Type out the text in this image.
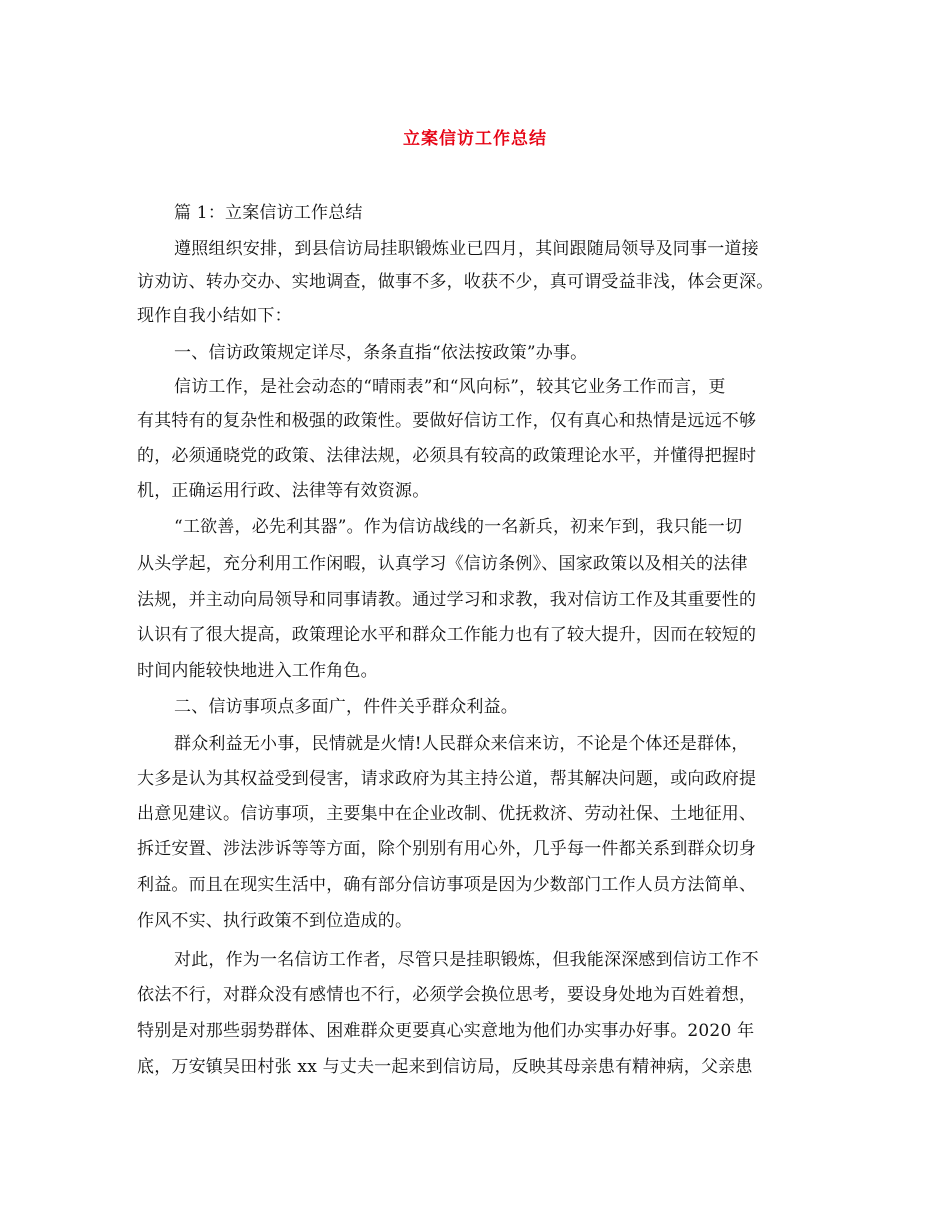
立案信访工作总结
篇 1：立案信访工作总结
遵照组织安排，到县信访局挂职锻炼业已四月，其间跟随局领导及同事一道接
访劝访、转办交办、实地调查，做事不多，收获不少，真可谓受益非浅，体会更深。
现作自我小结如下：
一、信访政策规定详尽，条条直指“依法按政策”办事。
信访工作，是社会动态的“晴雨表”和“风向标”，较其它业务工作而言，更
有其特有的复杂性和极强的政策性。要做好信访工作，仅有真心和热情是远远不够
的，必须通晓党的政策、法律法规，必须具有较高的政策理论水平，并懂得把握时
机，正确运用行政、法律等有效资源。
“工欲善，必先利其器”。作为信访战线的一名新兵，初来乍到，我只能一切
从头学起，充分利用工作闲暇，认真学习《信访条例》、国家政策以及相关的法律
法规，并主动向局领导和同事请教。通过学习和求教，我对信访工作及其重要性的
认识有了很大提高，政策理论水平和群众工作能力也有了较大提升，因而在较短的
时间内能较快地进入工作角色。
二、信访事项点多面广，件件关乎群众利益。
群众利益无小事，民情就是火情!人民群众来信来访，不论是个体还是群体，
大多是认为其权益受到侵害，请求政府为其主持公道，帮其解决问题，或向政府提
出意见建议。信访事项，主要集中在企业改制、优抚救济、劳动社保、土地征用、
拆迁安置、涉法涉诉等等方面，除个别别有用心外，几乎每一件都关系到群众切身
利益。而且在现实生活中，确有部分信访事项是因为少数部门工作人员方法简单、
作风不实、执行政策不到位造成的。
对此，作为一名信访工作者，尽管只是挂职锻炼，但我能深深感到信访工作不
依法不行，对群众没有感情也不行，必须学会换位思考，要设身处地为百姓着想，
特别是对那些弱势群体、困难群众更要真心实意地为他们办实事办好事。2020 年
底，万安镇吴田村张 xx 与丈夫一起来到信访局，反映其母亲患有精神病，父亲患
